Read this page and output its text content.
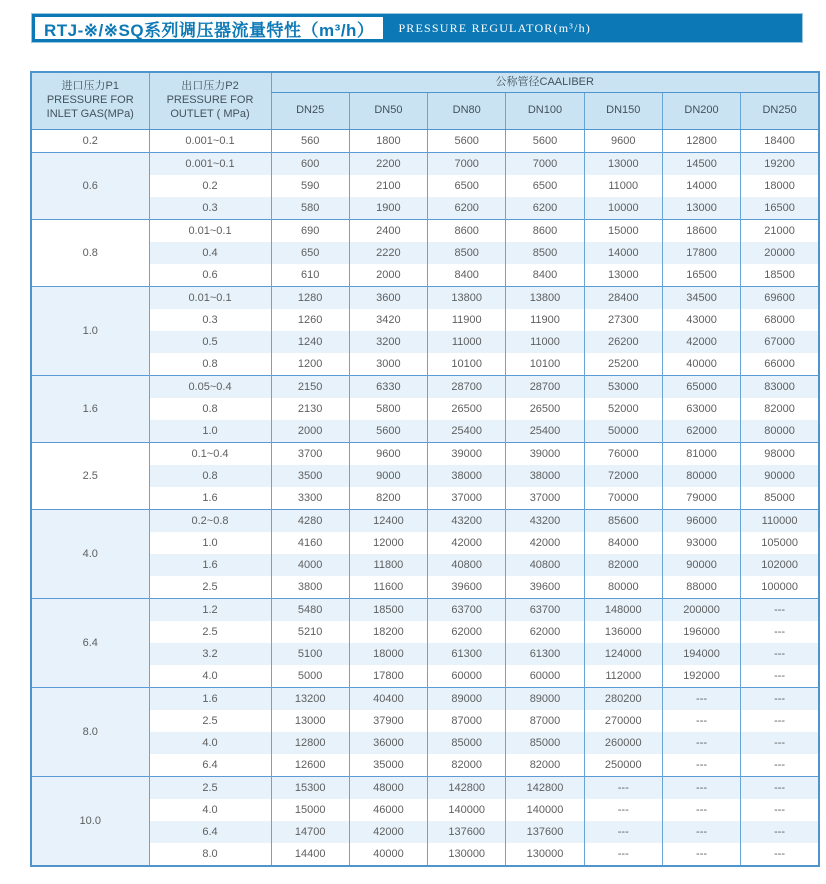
RTJ-※/※SQ系列调压器流量特性（m³/h） PRESSURE REGULATOR(m³/h)
进口压力P1
PRESSURE FOR
INLET GAS(MPa)	出口压力P2
PRESSURE FOR
OUTLET ( MPa)	公称管径CAALIBER						
		DN25	DN50	DN80	DN100	DN150	DN200	DN250
0.2	0.001~0.1	560	1800	5600	5600	9600	12800	18400
0.6	0.001~0.1	600	2200	7000	7000	13000	14500	19200
	0.2	590	2100	6500	6500	11000	14000	18000
	0.3	580	1900	6200	6200	10000	13000	16500
0.8	0.01~0.1	690	2400	8600	8600	15000	18600	21000
	0.4	650	2220	8500	8500	14000	17800	20000
	0.6	610	2000	8400	8400	13000	16500	18500
1.0	0.01~0.1	1280	3600	13800	13800	28400	34500	69600
	0.3	1260	3420	11900	11900	27300	43000	68000
	0.5	1240	3200	11000	11000	26200	42000	67000
	0.8	1200	3000	10100	10100	25200	40000	66000
1.6	0.05~0.4	2150	6330	28700	28700	53000	65000	83000
	0.8	2130	5800	26500	26500	52000	63000	82000
	1.0	2000	5600	25400	25400	50000	62000	80000
2.5	0.1~0.4	3700	9600	39000	39000	76000	81000	98000
	0.8	3500	9000	38000	38000	72000	80000	90000
	1.6	3300	8200	37000	37000	70000	79000	85000
4.0	0.2~0.8	4280	12400	43200	43200	85600	96000	110000
	1.0	4160	12000	42000	42000	84000	93000	105000
	1.6	4000	11800	40800	40800	82000	90000	102000
	2.5	3800	11600	39600	39600	80000	88000	100000
6.4	1.2	5480	18500	63700	63700	148000	200000	---
	2.5	5210	18200	62000	62000	136000	196000	---
	3.2	5100	18000	61300	61300	124000	194000	---
	4.0	5000	17800	60000	60000	112000	192000	---
8.0	1.6	13200	40400	89000	89000	280200	---	---
	2.5	13000	37900	87000	87000	270000	---	---
	4.0	12800	36000	85000	85000	260000	---	---
	6.4	12600	35000	82000	82000	250000	---	---
10.0	2.5	15300	48000	142800	142800	---	---	---
	4.0	15000	46000	140000	140000	---	---	---
	6.4	14700	42000	137600	137600	---	---	---
	8.0	14400	40000	130000	130000	---	---	---
